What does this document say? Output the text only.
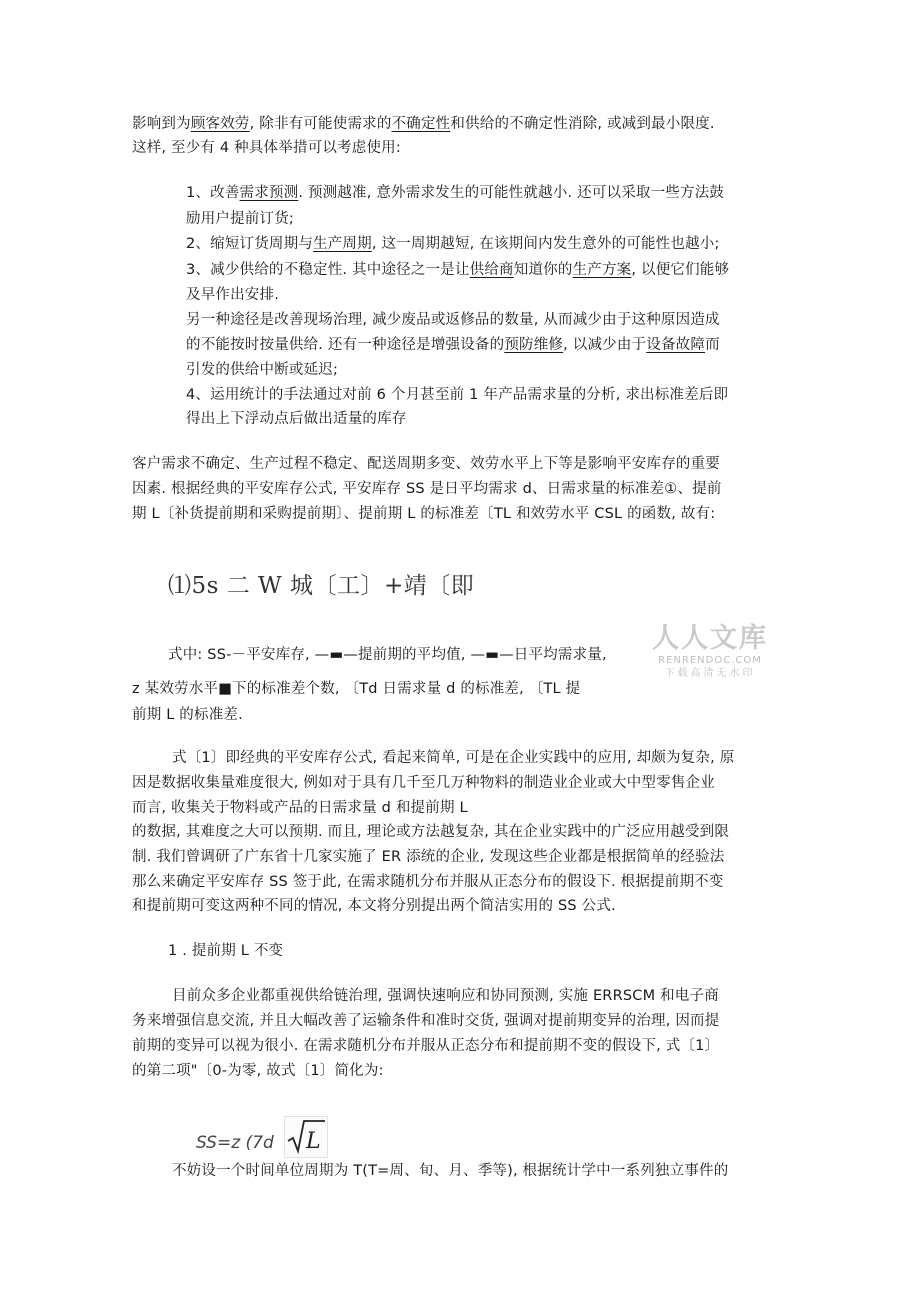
影响到为顾客效劳, 除非有可能使需求的不确定性和供给的不确定性消除, 或减到最小限度.
这样, 至少有 4 种具体举措可以考虑使用:
1、改善需求预测. 预测越准, 意外需求发生的可能性就越小. 还可以采取一些方法鼓
励用户提前订货;
2、缩短订货周期与生产周期, 这一周期越短, 在该期间内发生意外的可能性也越小;
3、减少供给的不稳定性. 其中途径之一是让供给商知道你的生产方案, 以便它们能够
及早作出安排.
另一种途径是改善现场治理, 减少废品或返修品的数量, 从而减少由于这种原因造成
的不能按时按量供给. 还有一种途径是增强设备的预防维修, 以减少由于设备故障而
引发的供给中断或延迟;
4、运用统计的手法通过对前 6 个月甚至前 1 年产品需求量的分析, 求出标准差后即
得出上下浮动点后做出适量的库存
客户需求不确定、生产过程不稳定、配送周期多变、效劳水平上下等是影响平安库存的重要
因素. 根据经典的平安库存公式, 平安库存 SS 是日平均需求 d、日需求量的标准差①、提前
期 L〔补货提前期和采购提前期〕、提前期 L 的标准差〔TL 和效劳水平 CSL 的函数, 故有:
⑴5s 二 W 城〔工〕+靖〔即
式中: SS-－平安库存, —▬—提前期的平均值, —▬—日平均需求量,
z 某效劳水平■下的标准差个数, 〔Td 日需求量 d 的标准差, 〔TL 提
前期 L 的标准差.
人人文库
RENRENDOC.COM
下载高清无水印
式〔1〕即经典的平安库存公式, 看起来简单, 可是在企业实践中的应用, 却颇为复杂, 原
因是数据收集量难度很大, 例如对于具有几千至几万种物料的制造业企业或大中型零售企业
而言, 收集关于物料或产品的日需求量 d 和提前期 L
的数据, 其难度之大可以预期. 而且, 理论或方法越复杂, 其在企业实践中的广泛应用越受到限
制. 我们曾调研了广东省十几家实施了 ER 添统的企业, 发现这些企业都是根据简单的经验法
那么来确定平安库存 SS 签于此, 在需求随机分布并服从正态分布的假设下. 根据提前期不变
和提前期可变这两种不同的情况, 本文将分别提出两个简洁实用的 SS 公式.
1 . 提前期 L 不变
目前众多企业都重视供给链治理, 强调快速响应和协同预测, 实施 ERRSCM 和电子商
务来增强信息交流, 并且大幅改善了运输条件和准时交货, 强调对提前期变异的治理, 因而提
前期的变异可以视为很小. 在需求随机分布并服从正态分布和提前期不变的假设下, 式〔1〕
的第二项"〔0-为零, 故式〔1〕简化为:
SS=z (7d L
不妨设一个时间单位周期为 T(T=周、旬、月、季等), 根据统计学中一系列独立事件的
